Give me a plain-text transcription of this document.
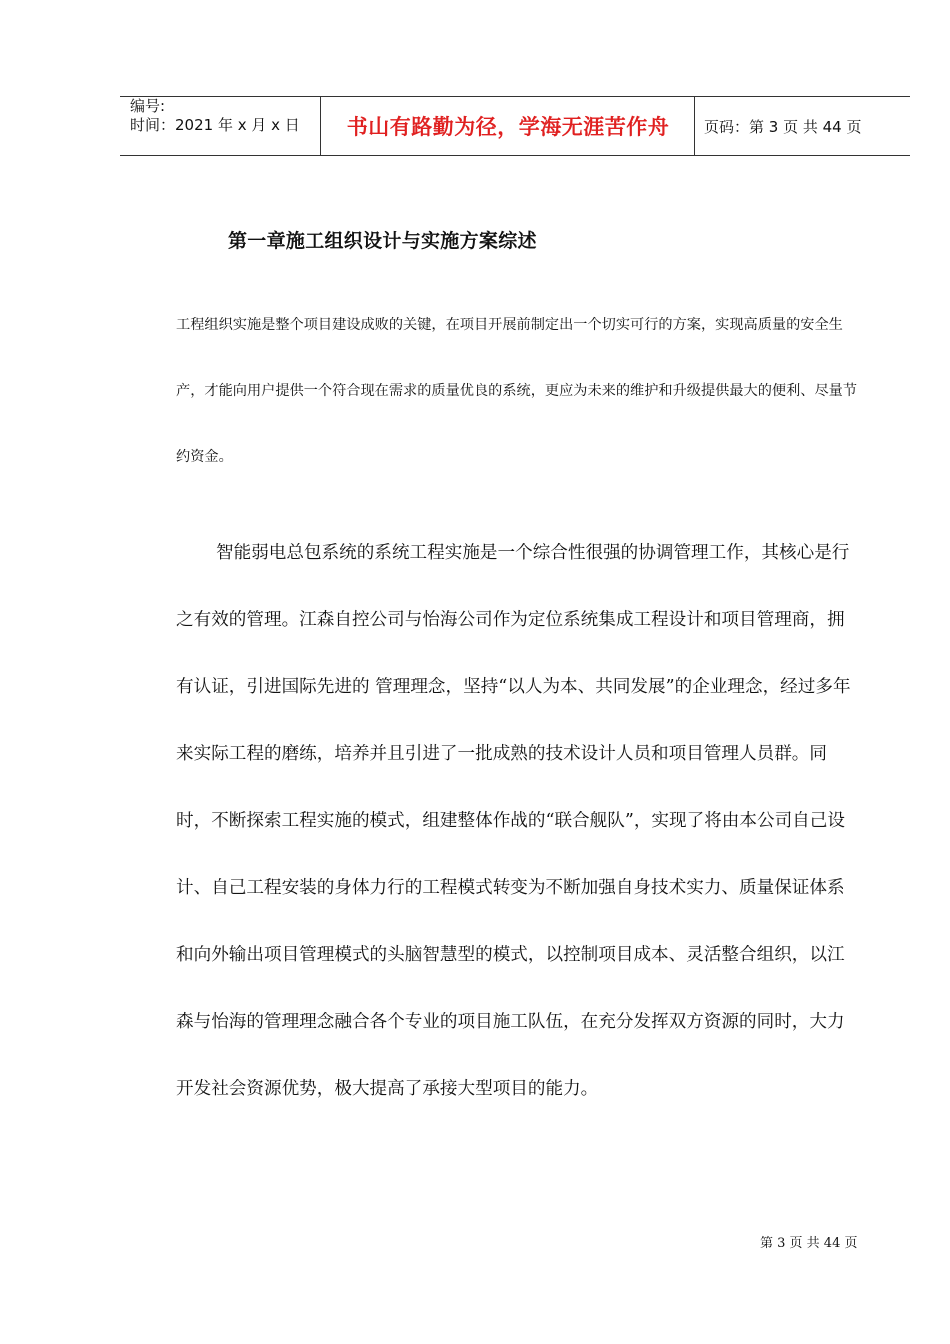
编号:
时间：2021 年 x 月 x 日	书山有路勤为径，学海无涯苦作舟	页码：第 3 页 共 44 页
第一章施工组织设计与实施方案综述

工程组织实施是整个项目建设成败的关键，在项目开展前制定出一个切实可行的方案，实现高质量的安全生产，才能向用户提供一个符合现在需求的质量优良的系统，更应为未来的维护和升级提供最大的便利、尽量节约资金。

智能弱电总包系统的系统工程实施是一个综合性很强的协调管理工作，其核心是行之有效的管理。江森自控公司与怡海公司作为定位系统集成工程设计和项目管理商，拥有认证，引进国际先进的 管理理念，坚持“以人为本、共同发展”的企业理念，经过多年来实际工程的磨练，培养并且引进了一批成熟的技术设计人员和项目管理人员群。同时，不断探索工程实施的模式，组建整体作战的“联合舰队”，实现了将由本公司自己设计、自己工程安装的身体力行的工程模式转变为不断加强自身技术实力、质量保证体系和向外输出项目管理模式的头脑智慧型的模式，以控制项目成本、灵活整合组织，以江森与怡海的管理理念融合各个专业的项目施工队伍，在充分发挥双方资源的同时，大力开发社会资源优势，极大提高了承接大型项目的能力。

第 3 页 共 44 页
